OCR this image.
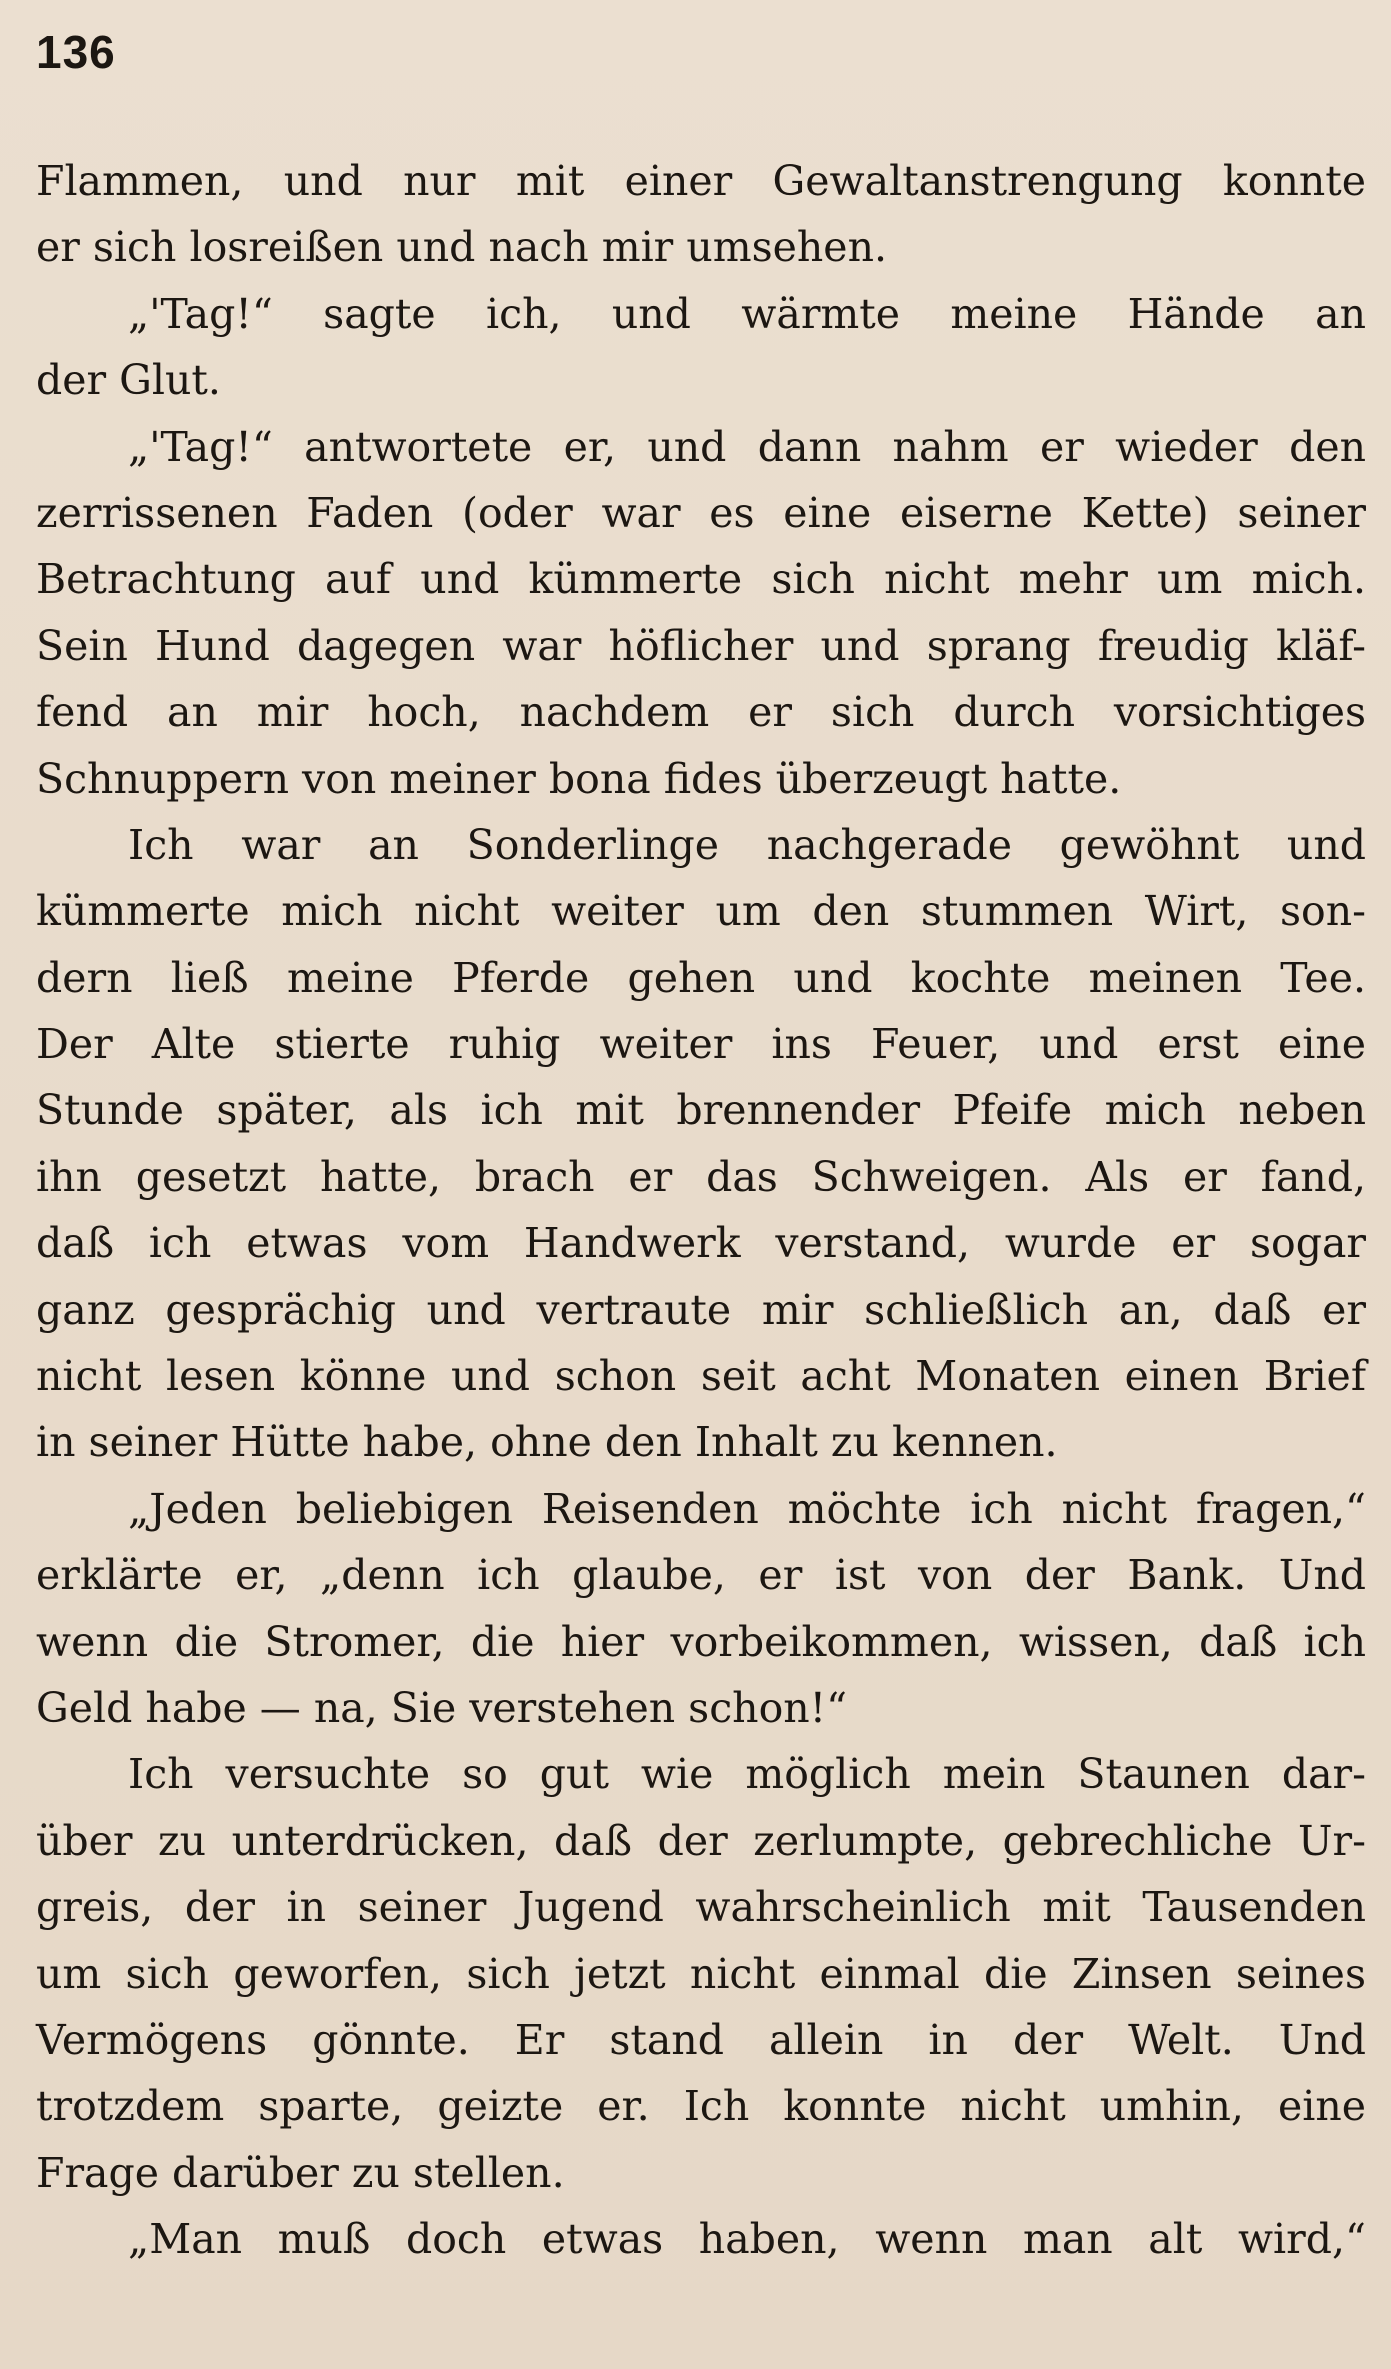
136
Flammen, und nur mit einer Gewaltanstrengung konnte
er sich losreißen und nach mir umsehen.
„'Tag!“ sagte ich, und wärmte meine Hände an
der Glut.
„'Tag!“ antwortete er, und dann nahm er wieder den
zerrissenen Faden (oder war es eine eiserne Kette) seiner
Betrachtung auf und kümmerte sich nicht mehr um mich.
Sein Hund dagegen war höflicher und sprang freudig kläf-
fend an mir hoch, nachdem er sich durch vorsichtiges
Schnuppern von meiner bona fides überzeugt hatte.
Ich war an Sonderlinge nachgerade gewöhnt und
kümmerte mich nicht weiter um den stummen Wirt, son-
dern ließ meine Pferde gehen und kochte meinen Tee.
Der Alte stierte ruhig weiter ins Feuer, und erst eine
Stunde später, als ich mit brennender Pfeife mich neben
ihn gesetzt hatte, brach er das Schweigen. Als er fand,
daß ich etwas vom Handwerk verstand, wurde er sogar
ganz gesprächig und vertraute mir schließlich an, daß er
nicht lesen könne und schon seit acht Monaten einen Brief
in seiner Hütte habe, ohne den Inhalt zu kennen.
„Jeden beliebigen Reisenden möchte ich nicht fragen,“
erklärte er, „denn ich glaube, er ist von der Bank. Und
wenn die Stromer, die hier vorbeikommen, wissen, daß ich
Geld habe — na, Sie verstehen schon!“
Ich versuchte so gut wie möglich mein Staunen dar-
über zu unterdrücken, daß der zerlumpte, gebrechliche Ur-
greis, der in seiner Jugend wahrscheinlich mit Tausenden
um sich geworfen, sich jetzt nicht einmal die Zinsen seines
Vermögens gönnte. Er stand allein in der Welt. Und
trotzdem sparte, geizte er. Ich konnte nicht umhin, eine
Frage darüber zu stellen.
„Man muß doch etwas haben, wenn man alt wird,“
